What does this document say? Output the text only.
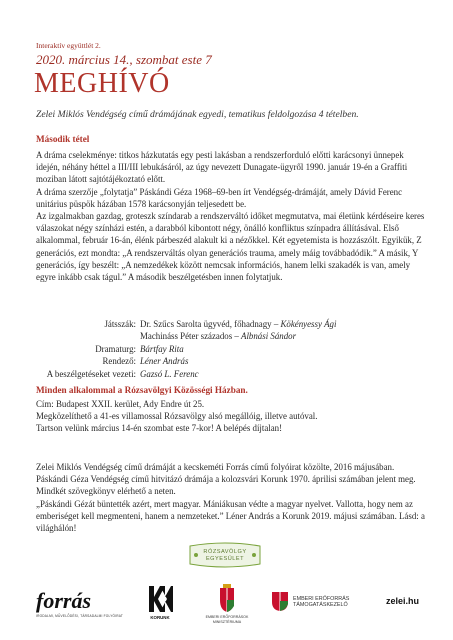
Interaktív együttlét 2.
2020. március 14., szombat este 7
MEGHÍVÓ
Zelei Miklós Vendégség című drámájának egyedi, tematikus feldolgozása 4 tételben.
Második tétel

A dráma cselekménye: titkos házkutatás egy pesti lakásban a rendszerforduló előtti karácsonyi ünnepek idején, néhány héttel a III/III lebukásáról, az úgy nevezett Dunagate-ügyről 1990. január 19-én a Graffiti moziban látott sajtótájékoztató előtt.

A dráma szerzője „folytatja” Páskándi Géza 1968–69-ben írt Vendégség-drámáját, amely Dávid Ferenc unitárius püspök házában 1578 karácsonyján teljesedett be.

Az izgalmakban gazdag, groteszk színdarab a rendszerváltó időket megmutatva, mai életünk kérdéseire keres válaszokat négy színházi estén, a darabból kibontott négy, önálló konfliktus színpadra állításával. Első alkalommal, február 16-án, élénk párbeszéd alakult ki a nézőkkel. Két egyetemista is hozzászólt. Egyikük, Z generációs, ezt mondta: „A rendszerváltás olyan generációs trauma, amely máig továbbadódik.” A másik, Y generációs, így beszélt: „A nemzedékek között nemcsak információs, hanem lelki szakadék is van, amely egyre inkább csak tágul.” A második beszélgetésben innen folytatjuk.

Játsszák: Dr. Szűcs Sarolta ügyvéd, főhadnagy – Kökényessy Ági
Machináss Péter százados – Albnási Sándor
Dramaturg: Bártfay Rita
Rendező: Léner András
A beszélgetéseket vezeti: Gazsó L. Ferenc
Minden alkalommal a Rózsavölgyi Közösségi Házban.

Cím: Budapest XXII. kerület, Ady Endre út 25.

Megközelíthető a 41-es villamossal Rózsavölgy alsó megállóig, illetve autóval.

Tartson velünk március 14-én szombat este 7-kor! A belépés díjtalan!

Zelei Miklós Vendégség című drámáját a kecskeméti Forrás című folyóirat közölte, 2016 májusában. Páskándi Géza Vendégség című hitvitázó drámája a kolozsvári Korunk 1970. áprilisi számában jelent meg. Mindkét szövegkönyv elérhető a neten.

„Páskándi Gézát büntették azért, mert magyar. Mániákusan védte a magyar nyelvet. Vallotta, hogy nem az emberiséget kell megmenteni, hanem a nemzeteket.” Léner András a Korunk 2019. májusi számában. Lásd: a világhálón!

RÓZSAVÖLGY
EGYESÜLET
forrás
IRODALMI, MŰVELŐDÉSI, TÁRSADALMI FOLYÓIRAT	KORUNK	EMBERI ERŐFORRÁSOK
MINISZTÉRIUMA
EMBERI ERŐFORRÁS
TÁMOGATÁSKEZELŐ	zelei.hu
